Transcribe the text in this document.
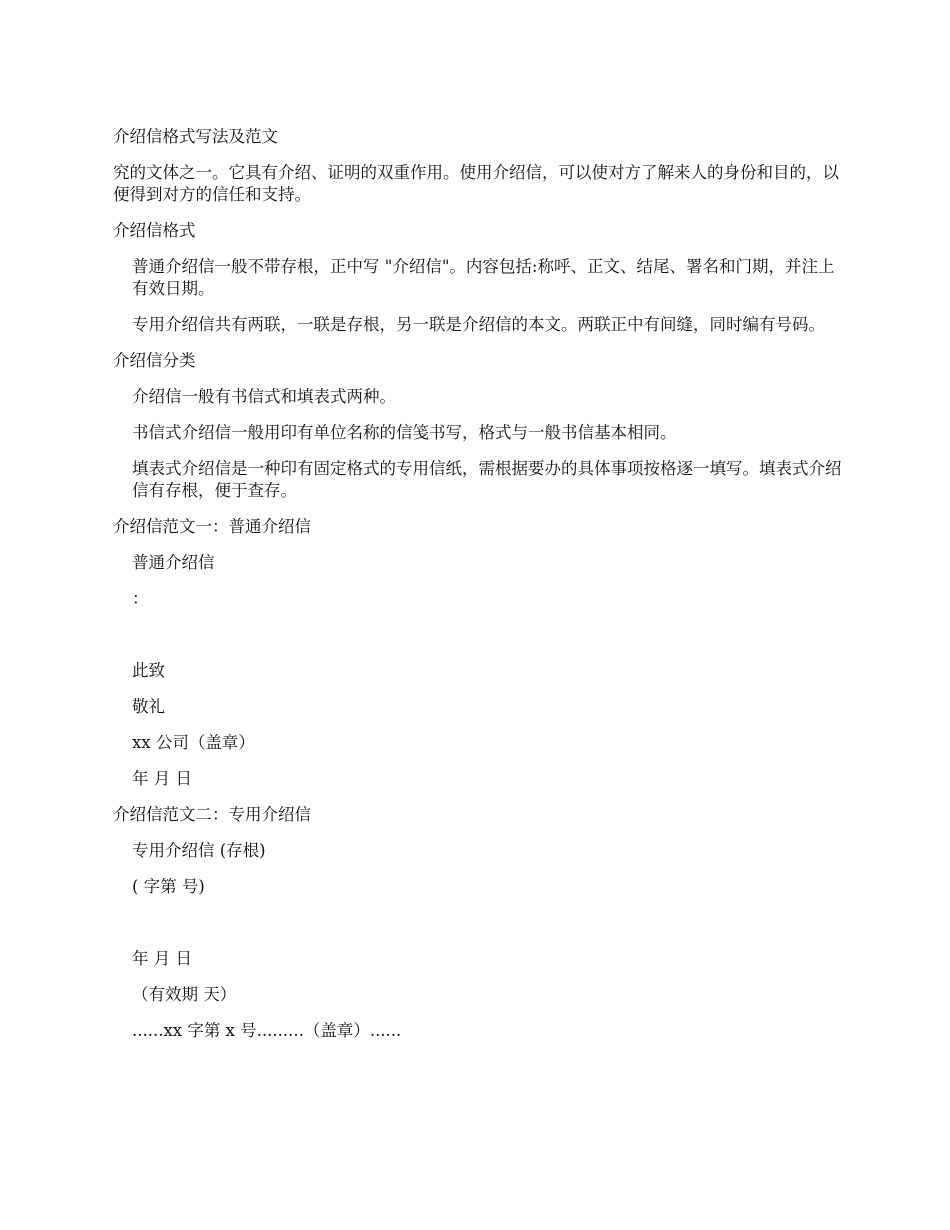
介绍信格式写法及范文

究的文体之一。它具有介绍、证明的双重作用。使用介绍信，可以使对方了解来人的身份和目的，以便得到对方的信任和支持。

介绍信格式

普通介绍信一般不带存根，正中写 "介绍信"。内容包括:称呼、正文、结尾、署名和门期，并注上有效日期。

专用介绍信共有两联，一联是存根，另一联是介绍信的本文。两联正中有间缝，同时编有号码。

介绍信分类

介绍信一般有书信式和填表式两种。

书信式介绍信一般用印有单位名称的信笺书写，格式与一般书信基本相同。

填表式介绍信是一种印有固定格式的专用信纸，需根据要办的具体事项按格逐一填写。填表式介绍信有存根，便于查存。

介绍信范文一：普通介绍信

普通介绍信

：

此致

敬礼

xx 公司（盖章）

年 月 日

介绍信范文二：专用介绍信

专用介绍信 (存根)

( 字第 号)

年 月 日

（有效期 天）

......xx 字第 x 号.........（盖章）......
